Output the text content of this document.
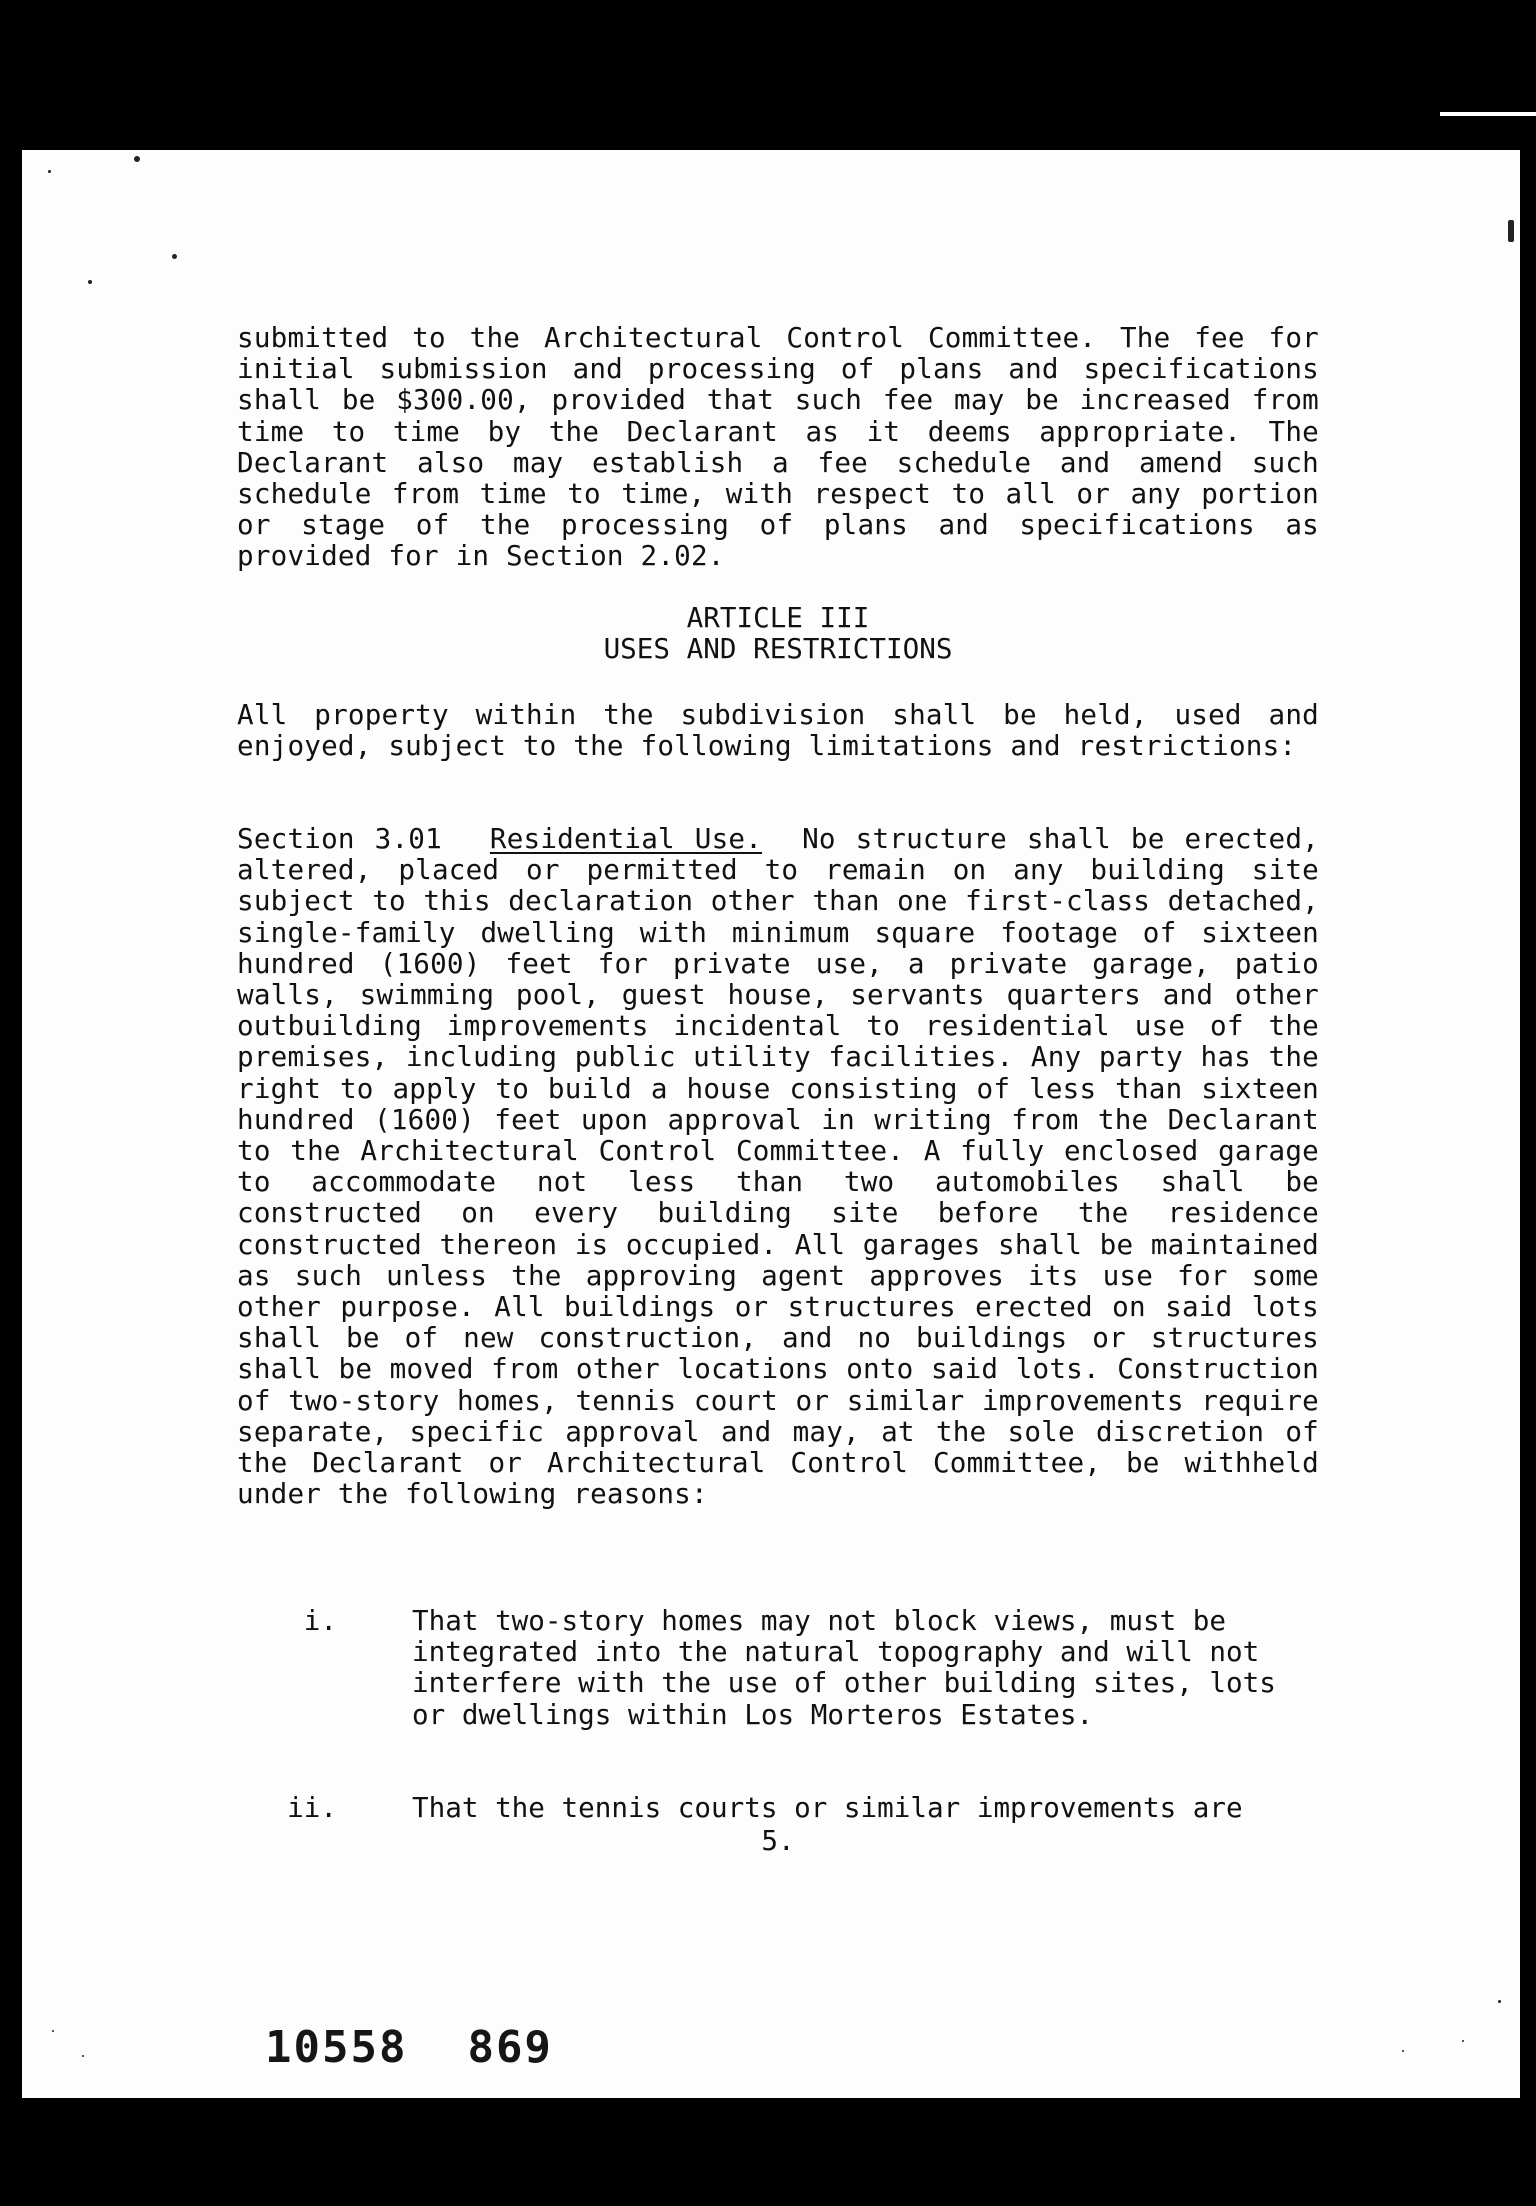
submitted to the Architectural Control Committee. The fee for initial submission and processing of plans and specifications shall be $300.00, provided that such fee may be increased from time to time by the Declarant as it deems appropriate. The Declarant also may establish a fee schedule and amend such schedule from time to time, with respect to all or any portion or stage of the processing of plans and specifications as provided for in Section 2.02.
ARTICLE III
USES AND RESTRICTIONS
All property within the subdivision shall be held, used and enjoyed, subject to the following limitations and restrictions:
Section 3.01 Residential Use. No structure shall be erected, altered, placed or permitted to remain on any building site subject to this declaration other than one first-class detached, single-family dwelling with minimum square footage of sixteen hundred (1600) feet for private use, a private garage, patio walls, swimming pool, guest house, servants quarters and other outbuilding improvements incidental to residential use of the premises, including public utility facilities. Any party has the right to apply to build a house consisting of less than sixteen hundred (1600) feet upon approval in writing from the Declarant to the Architectural Control Committee. A fully enclosed garage to accommodate not less than two automobiles shall be constructed on every building site before the residence constructed thereon is occupied. All garages shall be maintained as such unless the approving agent approves its use for some other purpose. All buildings or structures erected on said lots shall be of new construction, and no buildings or structures shall be moved from other locations onto said lots. Construction of two-story homes, tennis court or similar improvements require separate, specific approval and may, at the sole discretion of the Declarant or Architectural Control Committee, be withheld under the following reasons:
i.	That two-story homes may not block views, must be integrated into the natural topography and will not interfere with the use of other building sites, lots or dwellings within Los Morteros Estates.
ii.	That the tennis courts or similar improvements are
5.
10558 869
